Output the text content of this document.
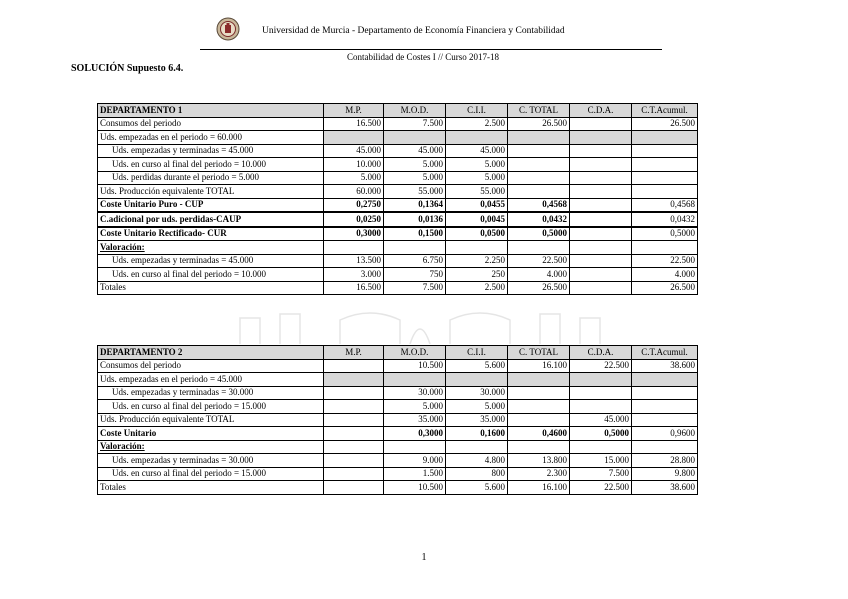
Universidad de Murcia - Departamento de Economía Financiera y Contabilidad
Contabilidad de Costes I // Curso 2017-18
SOLUCIÓN Supuesto 6.4.
DEPARTAMENTO 1	M.P.	M.O.D.	C.I.I.	C. TOTAL	C.D.A.	C.T.Acumul.
Consumos del periodo	16.500	7.500	2.500	26.500		26.500
Uds. empezadas en el periodo = 60.000						
Uds. empezadas y terminadas = 45.000	45.000	45.000	45.000			
Uds. en curso al final del periodo = 10.000	10.000	5.000	5.000			
Uds. perdidas durante el periodo = 5.000	5.000	5.000	5.000			
Uds. Producción equivalente TOTAL	60.000	55.000	55.000			
Coste Unitario Puro - CUP	0,2750	0,1364	0,0455	0,4568		0,4568
C.adicional por uds. perdidas-CAUP	0,0250	0,0136	0,0045	0,0432		0,0432
Coste Unitario Rectificado- CUR	0,3000	0,1500	0,0500	0,5000		0,5000
Valoración:						
Uds. empezadas y terminadas = 45.000	13.500	6.750	2.250	22.500		22.500
Uds. en curso al final del periodo = 10.000	3.000	750	250	4.000		4.000
Totales	16.500	7.500	2.500	26.500		26.500
DEPARTAMENTO 2	M.P.	M.O.D.	C.I.I.	C. TOTAL	C.D.A.	C.T.Acumul.
Consumos del periodo		10.500	5.600	16.100	22.500	38.600
Uds. empezadas en el periodo = 45.000						
Uds. empezadas y terminadas = 30.000		30.000	30.000			
Uds. en curso al final del periodo = 15.000		5.000	5.000			
Uds. Producción equivalente TOTAL		35.000	35.000		45.000	
Coste Unitario		0,3000	0,1600	0,4600	0,5000	0,9600
Valoración:						
Uds. empezadas y terminadas = 30.000		9.000	4.800	13.800	15.000	28.800
Uds. en curso al final del periodo = 15.000		1.500	800	2.300	7.500	9.800
Totales		10.500	5.600	16.100	22.500	38.600
1
